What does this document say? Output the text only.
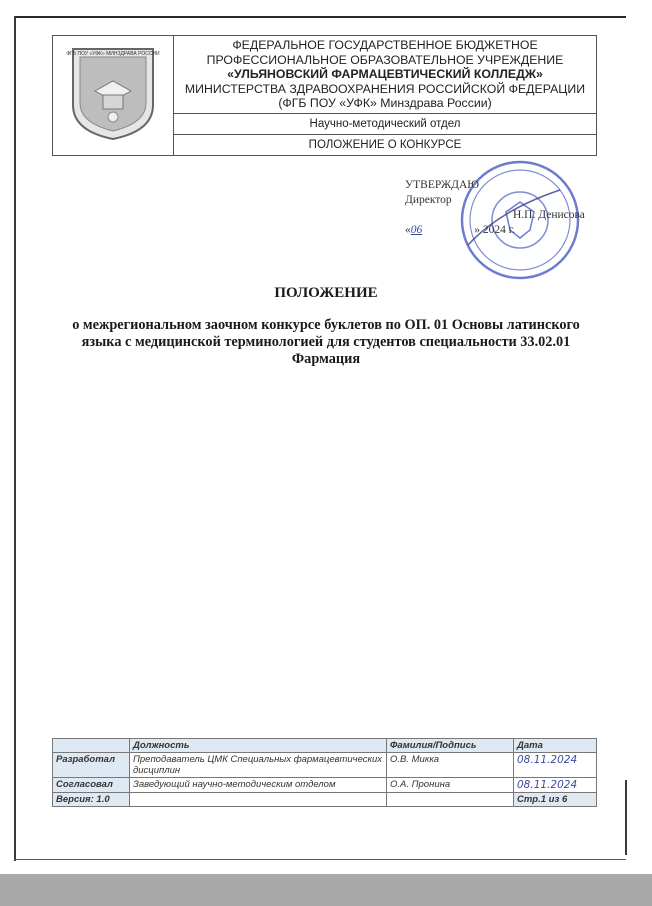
ФГБ ПОУ «УФК» МИНЗДРАВА РОССИИ

ФЕДЕРАЛЬНОЕ ГОСУДАРСТВЕННОЕ БЮДЖЕТНОЕ
ПРОФЕССИОНАЛЬНОЕ ОБРАЗОВАТЕЛЬНОЕ УЧРЕЖДЕНИЕ
«УЛЬЯНОВСКИЙ ФАРМАЦЕВТИЧЕСКИЙ КОЛЛЕДЖ»
МИНИСТЕРСТВА ЗДРАВООХРАНЕНИЯ РОССИЙСКОЙ ФЕДЕРАЦИИ
(ФГБ ПОУ «УФК» Минздрава России)

Научно-методический отдел
ПОЛОЖЕНИЕ О КОНКУРСЕ
УТВЕРЖДАЮ
Директор
Н.П. Денисова
«06	» 2024 г.
ПОЛОЖЕНИЕ
о межрегиональном заочном конкурсе буклетов по ОП. 01 Основы латинского языка с медицинской терминологией для студентов специальности 33.02.01 Фармация
	Должность	Фамилия/Подпись	Дата
Разработал	Преподаватель ЦМК Специальных фармацевтических дисциплин	О.В. Микка	08.11.2024
Согласовал	Заведующий научно-методическим отделом	О.А. Пронина	08.11.2024
Версия: 1.0			Стр.1 из 6
